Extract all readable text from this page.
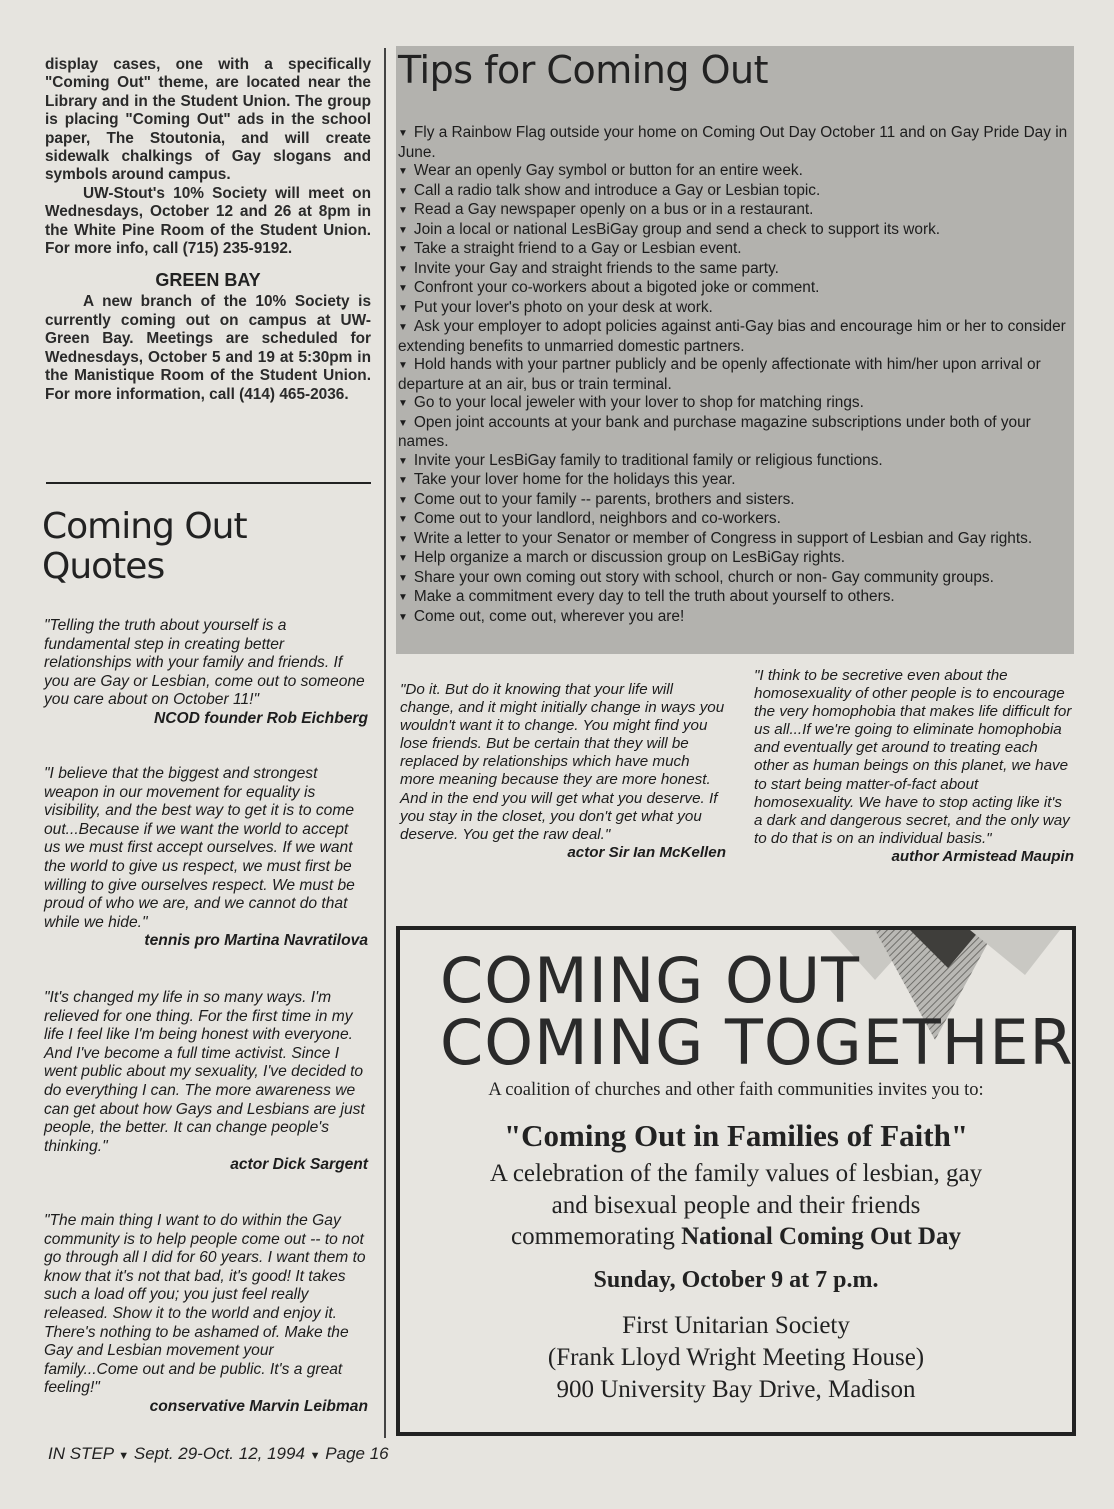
display cases, one with a specifically "Coming Out" theme, are located near the Library and in the Student Union. The group is placing "Coming Out" ads in the school paper, The Stoutonia, and will create sidewalk chalkings of Gay slogans and symbols around campus.

UW-Stout's 10% Society will meet on Wednesdays, October 12 and 26 at 8pm in the White Pine Room of the Student Union. For more info, call (715) 235-9192.

GREEN BAY

A new branch of the 10% Society is currently coming out on campus at UW-Green Bay. Meetings are scheduled for Wednesdays, October 5 and 19 at 5:30pm in the Manistique Room of the Student Union. For more information, call (414) 465-2036.

Coming Out
Quotes
"Telling the truth about yourself is a fundamental step in creating better relationships with your family and friends. If you are Gay or Lesbian, come out to someone you care about on October 11!"
NCOD founder Rob Eichberg
"I believe that the biggest and strongest weapon in our movement for equality is visibility, and the best way to get it is to come out...Because if we want the world to accept us we must first accept ourselves. If we want the world to give us respect, we must first be willing to give ourselves respect. We must be proud of who we are, and we cannot do that while we hide."
tennis pro Martina Navratilova
"It's changed my life in so many ways. I'm relieved for one thing. For the first time in my life I feel like I'm being honest with everyone. And I've become a full time activist. Since I went public about my sexuality, I've decided to do everything I can. The more awareness we can get about how Gays and Lesbians are just people, the better. It can change people's thinking."
actor Dick Sargent
"The main thing I want to do within the Gay community is to help people come out -- to not go through all I did for 60 years. I want them to know that it's not that bad, it's good! It takes such a load off you; you just feel really released. Show it to the world and enjoy it. There's nothing to be ashamed of. Make the Gay and Lesbian movement your family...Come out and be public. It's a great feeling!"
conservative Marvin Leibman
Tips for Coming Out
▼ Fly a Rainbow Flag outside your home on Coming Out Day October 11 and on Gay Pride Day in June.
▼ Wear an openly Gay symbol or button for an entire week.
▼ Call a radio talk show and introduce a Gay or Lesbian topic.
▼ Read a Gay newspaper openly on a bus or in a restaurant.
▼ Join a local or national LesBiGay group and send a check to support its work.
▼ Take a straight friend to a Gay or Lesbian event.
▼ Invite your Gay and straight friends to the same party.
▼ Confront your co-workers about a bigoted joke or comment.
▼ Put your lover's photo on your desk at work.
▼ Ask your employer to adopt policies against anti-Gay bias and encourage him or her to consider extending benefits to unmarried domestic partners.
▼ Hold hands with your partner publicly and be openly affectionate with him/her upon arrival or departure at an air, bus or train terminal.
▼ Go to your local jeweler with your lover to shop for matching rings.
▼ Open joint accounts at your bank and purchase magazine subscriptions under both of your names.
▼ Invite your LesBiGay family to traditional family or religious functions.
▼ Take your lover home for the holidays this year.
▼ Come out to your family -- parents, brothers and sisters.
▼ Come out to your landlord, neighbors and co-workers.
▼ Write a letter to your Senator or member of Congress in support of Lesbian and Gay rights.
▼ Help organize a march or discussion group on LesBiGay rights.
▼ Share your own coming out story with school, church or non- Gay community groups.
▼ Make a commitment every day to tell the truth about yourself to others.
▼ Come out, come out, wherever you are!
"Do it. But do it knowing that your life will change, and it might initially change in ways you wouldn't want it to change. You might find you lose friends. But be certain that they will be replaced by relationships which have much more meaning because they are more honest. And in the end you will get what you deserve. If you stay in the closet, you don't get what you deserve. You get the raw deal."
actor Sir Ian McKellen
"I think to be secretive even about the homosexuality of other people is to encourage the very homophobia that makes life difficult for us all...If we're going to eliminate homophobia and eventually get around to treating each other as human beings on this planet, we have to start being matter-of-fact about homosexuality. We have to stop acting like it's a dark and dangerous secret, and the only way to do that is on an individual basis."
author Armistead Maupin
COMING OUT
COMING TOGETHER
A coalition of churches and other faith communities invites you to:
"Coming Out in Families of Faith"
A celebration of the family values of lesbian, gay
and bisexual people and their friends
commemorating National Coming Out Day
Sunday, October 9 at 7 p.m.
First Unitarian Society
(Frank Lloyd Wright Meeting House)
900 University Bay Drive, Madison
IN STEP ▼ Sept. 29-Oct. 12, 1994 ▼ Page 16
